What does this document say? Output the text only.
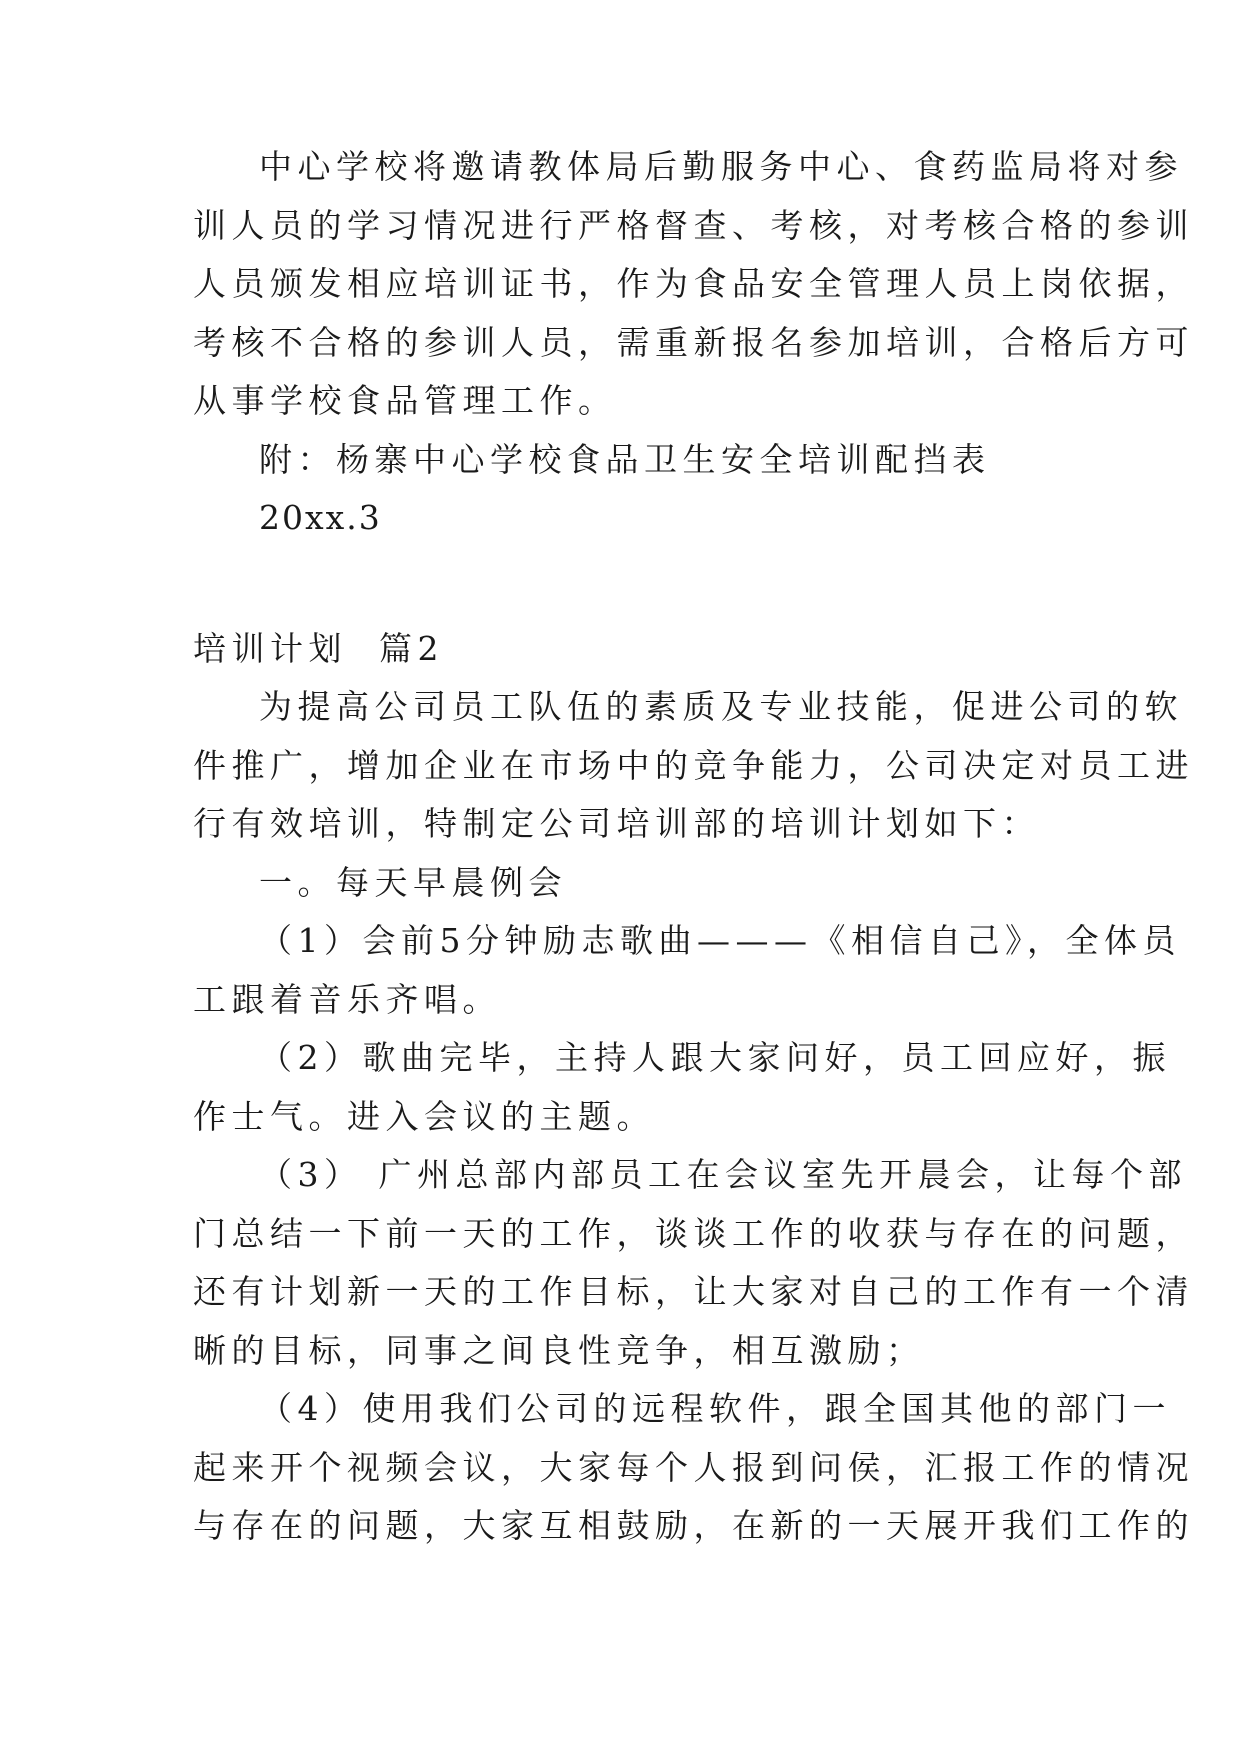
中心学校将邀请教体局后勤服务中心、食药监局将对参
训人员的学习情况进行严格督查、考核，对考核合格的参训
人员颁发相应培训证书，作为食品安全管理人员上岗依据，
考核不合格的参训人员，需重新报名参加培训，合格后方可
从事学校食品管理工作。
附：杨寨中心学校食品卫生安全培训配挡表
20xx.3
培训计划  篇2
为提高公司员工队伍的素质及专业技能，促进公司的软
件推广，增加企业在市场中的竞争能力，公司决定对员工进
行有效培训，特制定公司培训部的培训计划如下：
一。每天早晨例会
（1）会前5分钟励志歌曲———《相信自己》，全体员
工跟着音乐齐唱。
（2）歌曲完毕，主持人跟大家问好，员工回应好，振
作士气。进入会议的主题。
（3） 广州总部内部员工在会议室先开晨会，让每个部
门总结一下前一天的工作，谈谈工作的收获与存在的问题，
还有计划新一天的工作目标，让大家对自己的工作有一个清
晰的目标，同事之间良性竞争，相互激励；
（4）使用我们公司的远程软件，跟全国其他的部门一
起来开个视频会议，大家每个人报到问侯，汇报工作的情况
与存在的问题，大家互相鼓励，在新的一天展开我们工作的
